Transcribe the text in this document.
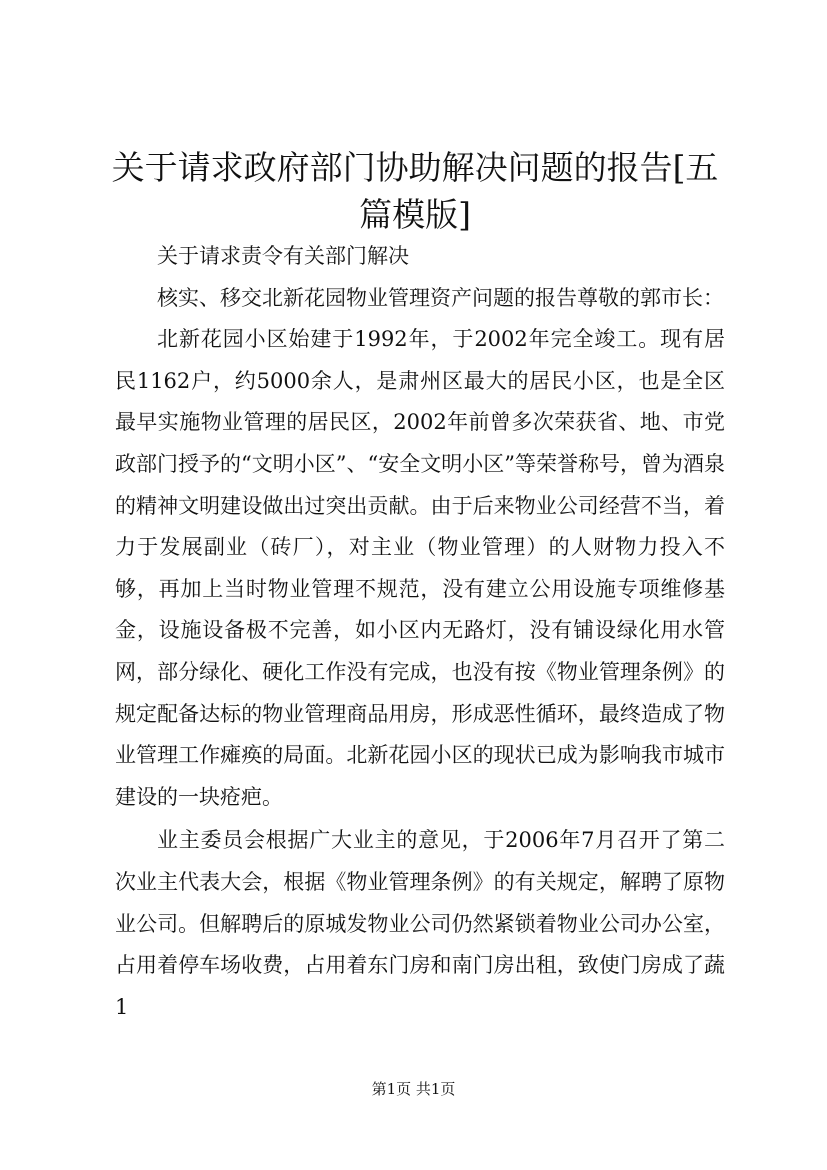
关于请求政府部门协助解决问题的报告[五篇模版]

关于请求责令有关部门解决

核实、移交北新花园物业管理资产问题的报告尊敬的郭市长：

北新花园小区始建于1992年，于2002年完全竣工。现有居民1162户，约5000余人，是肃州区最大的居民小区，也是全区最早实施物业管理的居民区，2002年前曾多次荣获省、地、市党政部门授予的“文明小区”、“安全文明小区”等荣誉称号，曾为酒泉的精神文明建设做出过突出贡献。由于后来物业公司经营不当，着力于发展副业（砖厂），对主业（物业管理）的人财物力投入不够，再加上当时物业管理不规范，没有建立公用设施专项维修基金，设施设备极不完善，如小区内无路灯，没有铺设绿化用水管网，部分绿化、硬化工作没有完成，也没有按《物业管理条例》的规定配备达标的物业管理商品用房，形成恶性循环，最终造成了物业管理工作瘫痪的局面。北新花园小区的现状已成为影响我市城市建设的一块疮疤。

业主委员会根据广大业主的意见，于2006年7月召开了第二次业主代表大会，根据《物业管理条例》的有关规定，解聘了原物业公司。但解聘后的原城发物业公司仍然紧锁着物业公司办公室，占用着停车场收费，占用着东门房和南门房出租，致使门房成了蔬1

第1页 共1页
